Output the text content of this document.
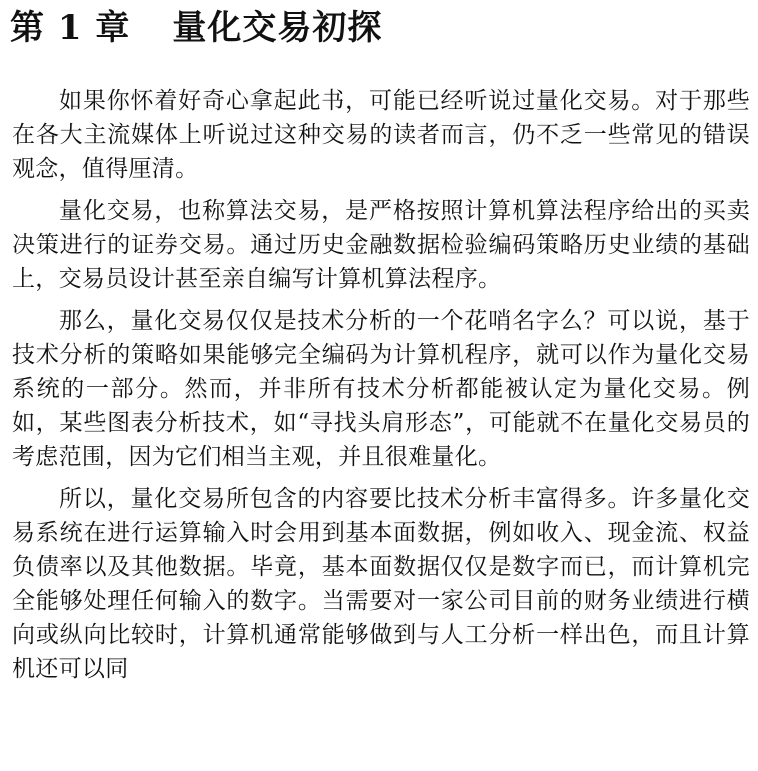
第 1 章 量化交易初探

如果你怀着好奇心拿起此书，可能已经听说过量化交易。对于那些在各大主流媒体上听说过这种交易的读者而言，仍不乏一些常见的错误观念，值得厘清。

量化交易，也称算法交易，是严格按照计算机算法程序给出的买卖决策进行的证券交易。通过历史金融数据检验编码策略历史业绩的基础上，交易员设计甚至亲自编写计算机算法程序。

那么，量化交易仅仅是技术分析的一个花哨名字么？可以说，基于技术分析的策略如果能够完全编码为计算机程序，就可以作为量化交易系统的一部分。然而，并非所有技术分析都能被认定为量化交易。例如，某些图表分析技术，如“寻找头肩形态”，可能就不在量化交易员的考虑范围，因为它们相当主观，并且很难量化。

所以，量化交易所包含的内容要比技术分析丰富得多。许多量化交易系统在进行运算输入时会用到基本面数据，例如收入、现金流、权益负债率以及其他数据。毕竟，基本面数据仅仅是数字而已，而计算机完全能够处理任何输入的数字。当需要对一家公司目前的财务业绩进行横向或纵向比较时，计算机通常能够做到与人工分析一样出色，而且计算机还可以同
